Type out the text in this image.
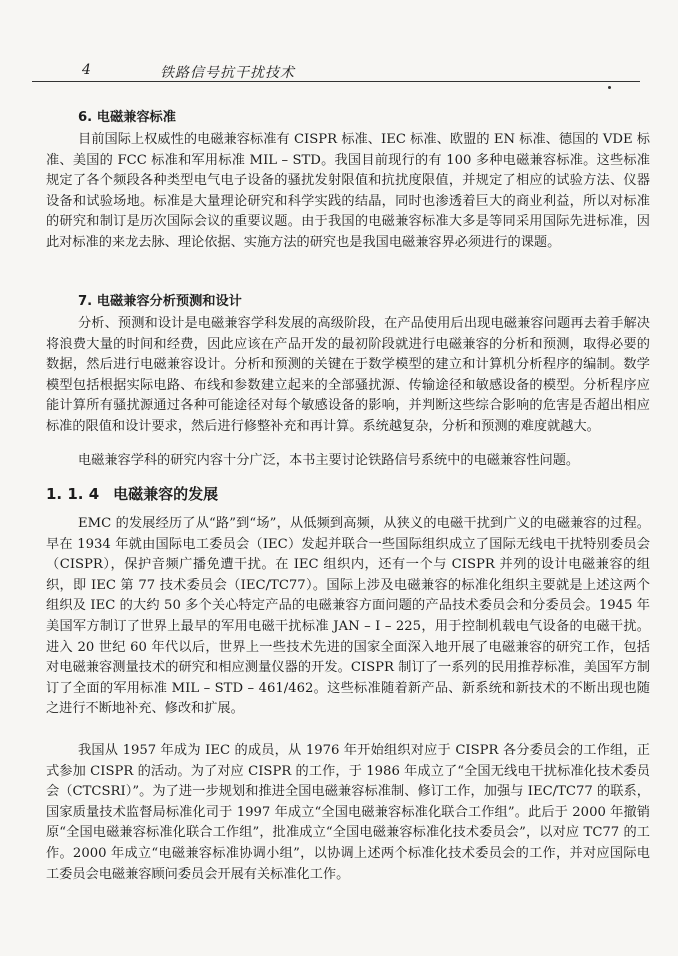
4	铁路信号抗干扰技术
6. 电磁兼容标准

目前国际上权威性的电磁兼容标准有 CISPR 标准、IEC 标准、欧盟的 EN 标准、德国的 VDE 标准、美国的 FCC 标准和军用标准 MIL – STD。我国目前现行的有 100 多种电磁兼容标准。这些标准规定了各个频段各种类型电气电子设备的骚扰发射限值和抗扰度限值，并规定了相应的试验方法、仪器设备和试验场地。标准是大量理论研究和科学实践的结晶，同时也渗透着巨大的商业利益，所以对标准的研究和制订是历次国际会议的重要议题。由于我国的电磁兼容标准大多是等同采用国际先进标准，因此对标准的来龙去脉、理论依据、实施方法的研究也是我国电磁兼容界必须进行的课题。

7. 电磁兼容分析预测和设计

分析、预测和设计是电磁兼容学科发展的高级阶段，在产品使用后出现电磁兼容问题再去着手解决将浪费大量的时间和经费，因此应该在产品开发的最初阶段就进行电磁兼容的分析和预测，取得必要的数据，然后进行电磁兼容设计。分析和预测的关键在于数学模型的建立和计算机分析程序的编制。数学模型包括根据实际电路、布线和参数建立起来的全部骚扰源、传输途径和敏感设备的模型。分析程序应能计算所有骚扰源通过各种可能途径对每个敏感设备的影响，并判断这些综合影响的危害是否超出相应标准的限值和设计要求，然后进行修整补充和再计算。系统越复杂，分析和预测的难度就越大。

电磁兼容学科的研究内容十分广泛，本书主要讨论铁路信号系统中的电磁兼容性问题。

1. 1. 4 电磁兼容的发展

EMC 的发展经历了从“路”到“场”，从低频到高频，从狭义的电磁干扰到广义的电磁兼容的过程。早在 1934 年就由国际电工委员会（IEC）发起并联合一些国际组织成立了国际无线电干扰特别委员会（CISPR），保护音频广播免遭干扰。在 IEC 组织内，还有一个与 CISPR 并列的设计电磁兼容的组织，即 IEC 第 77 技术委员会（IEC/TC77）。国际上涉及电磁兼容的标准化组织主要就是上述这两个组织及 IEC 的大约 50 多个关心特定产品的电磁兼容方面问题的产品技术委员会和分委员会。1945 年美国军方制订了世界上最早的军用电磁干扰标准 JAN – I – 225，用于控制机载电气设备的电磁干扰。进入 20 世纪 60 年代以后，世界上一些技术先进的国家全面深入地开展了电磁兼容的研究工作，包括对电磁兼容测量技术的研究和相应测量仪器的开发。CISPR 制订了一系列的民用推荐标准，美国军方制订了全面的军用标准 MIL – STD – 461/462。这些标准随着新产品、新系统和新技术的不断出现也随之进行不断地补充、修改和扩展。

我国从 1957 年成为 IEC 的成员，从 1976 年开始组织对应于 CISPR 各分委员会的工作组，正式参加 CISPR 的活动。为了对应 CISPR 的工作，于 1986 年成立了“全国无线电干扰标准化技术委员会（CTCSRI）”。为了进一步规划和推进全国电磁兼容标准制、修订工作，加强与 IEC/TC77 的联系，国家质量技术监督局标准化司于 1997 年成立“全国电磁兼容标准化联合工作组”。此后于 2000 年撤销原“全国电磁兼容标准化联合工作组”，批准成立“全国电磁兼容标准化技术委员会”，以对应 TC77 的工作。2000 年成立“电磁兼容标准协调小组”，以协调上述两个标准化技术委员会的工作，并对应国际电工委员会电磁兼容顾问委员会开展有关标准化工作。
